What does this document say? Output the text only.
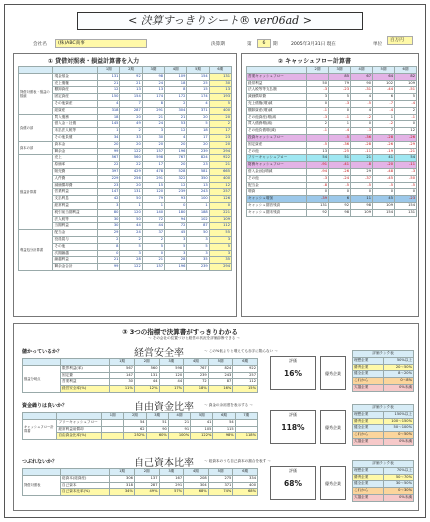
< 決算すっきりシート® ver06ad >
会社名	(株)ABC商事	決算期	第	6	期	2005年3月31日 現在	単位
百万円
① 貸借対照表・損益計算書を入力
		1期	2期	3期	4期	5期	6期
貸借対照表・損益の数値	現金預金	131	92	98	109	154	131
	売上債権	21	21	24	18	25	30
	棚卸資産	12	13	13	8	15	13
	固定資産	150	154	174	172	174	193
	その他資産	4	7	8	2	4	5
	総資産	318	287	291	304	371	400
負債の部	買入債務	18	20	21	21	20	20
	借入金・社債	145	49	24	53	5	2
	未払法人税等	1	2	3	12	18	17
	その他負債	34	33	30	4	17	23
資本の部	資本金	20	20	20	20	20	20
	剰余金	99	122	157	196	239	294
損益計算書	売上	567	560	598	767	824	922
	原価率	22	22	17	20	23	21
	販売費	397	429	478	528	581	665
	人件費	229	256	291	322	350	400
	減価償却費	23	20	15	12	13	12
	営業利益	147	131	120	239	243	257
	支払利息	42	50	79	93	100	126
	経常利益	3	1	1	0	1	0
	税引前当期利益	80	120	140	180	188	221
	法人税等	30	50	72	94	102	109
	当期利益	30	44	44	72	87	112
利益処分計算書	配当金	29	24	37	45	50	55
	役員賞与	2	2	2	3	3	3
	その他	8	5	5	5	5	5
	次期繰越	0	3	0	3	3	3
	繰越利益	21	28	21	28	35	35
	剰余金合計	99	122	157	196	239	294
② キャッシュフロー計算書
	2期	3期	4期	5期	6期
営業キャッシュフロー		85	67	64	82
経常利益	50	79	90	102	109
法人税等等支払額	-3	-23	-31	-44	-51
減価償却費	3	5	4	6	5
売上債権(増)減	0	-3	-5	-7	-4
棚卸資産(増)減	-1	0	4	-4	2
その他資産(増)減	-3	-1	-2	1	-1
買入債務増(減)	2	1	0	-2	0
その他負債増(減)	-1	-4	-3	7	12
投資キャッシュフロー		-5	-36	-28	-26
固定資産	-5	-36	-28	-26	-29
その他	13	-25	-11	-19	-21
フリーキャッシュフロー	54	51	21	41	54
財務キャッシュフロー	-91	-41	-8	-20	-11
借入金(純)増減	-94	-26	29	-48	-3
その他	-3	-24	-37	-45	-50
配当金	-8	-5	-5	-5	-5
増資	0	0	0	0	0
キャッシュ増加	-39	6	11	45	-23
キャッシュ期首残高	131	92	98	109	154
キャッシュ期末残高	92	98	109	154	131
③ 3つの指標で決算書がすっきりわかる
～ その会社の位置づけと経営の状況を評価診断できる ～
儲かっているか？	経営安全率	～ この%低よりと増えても赤字に陥らない ～
		1期	2期	3期	4期	5期	6期
損益分岐点	限界利益(率)	567	560	598	767	824	922
	固定費	147	131	120	239	243	257
	営業利益	30	44	44	72	87	112
	経営安全率(%)	11%	12%	17%	18%	16%	15%
評価
16%	優秀企業
評価ランク表	
理想企業	50%以上
優秀企業	20～50%
健全企業	8～20%
これから	0～8%
欠損企業	0%未満
資金繰りは良いか？	自由資金比率	～ 資金の余裕度を表示する ～
		1期	2期	3期	4期	5期	6期	7期
キャッシュフロー計算書	フリーキャッシュフロー		54	51	21	41	54	
	経常利益前償却		62	90	91	105	115	
	自由資金比率(%)		252%	60%	100%	122%	98%	118%
評価
118%	優秀企業
評価ランク表	
理想企業	150%以上
優秀企業	100～150%
健全企業	50～100%
これから	0～50%
欠損企業	0%未満
つぶれないか？	自己資本比率	～ 総資本のうち自己資本の割合を表す ～
		1期	2期	3期	4期	5期	6期
貸借対照表	総資本(総資産)	306	137	167	208	275	334
	自己資本	318	287	291	304	371	400
	自己資本比率(%)	34%	49%	57%	68%	74%	68%
評価
68%	優秀企業
評価ランク表	
理想企業	70%以上
優秀企業	50～70%
健全企業	30～50%
これから	0～30%
欠損企業	0%未満
